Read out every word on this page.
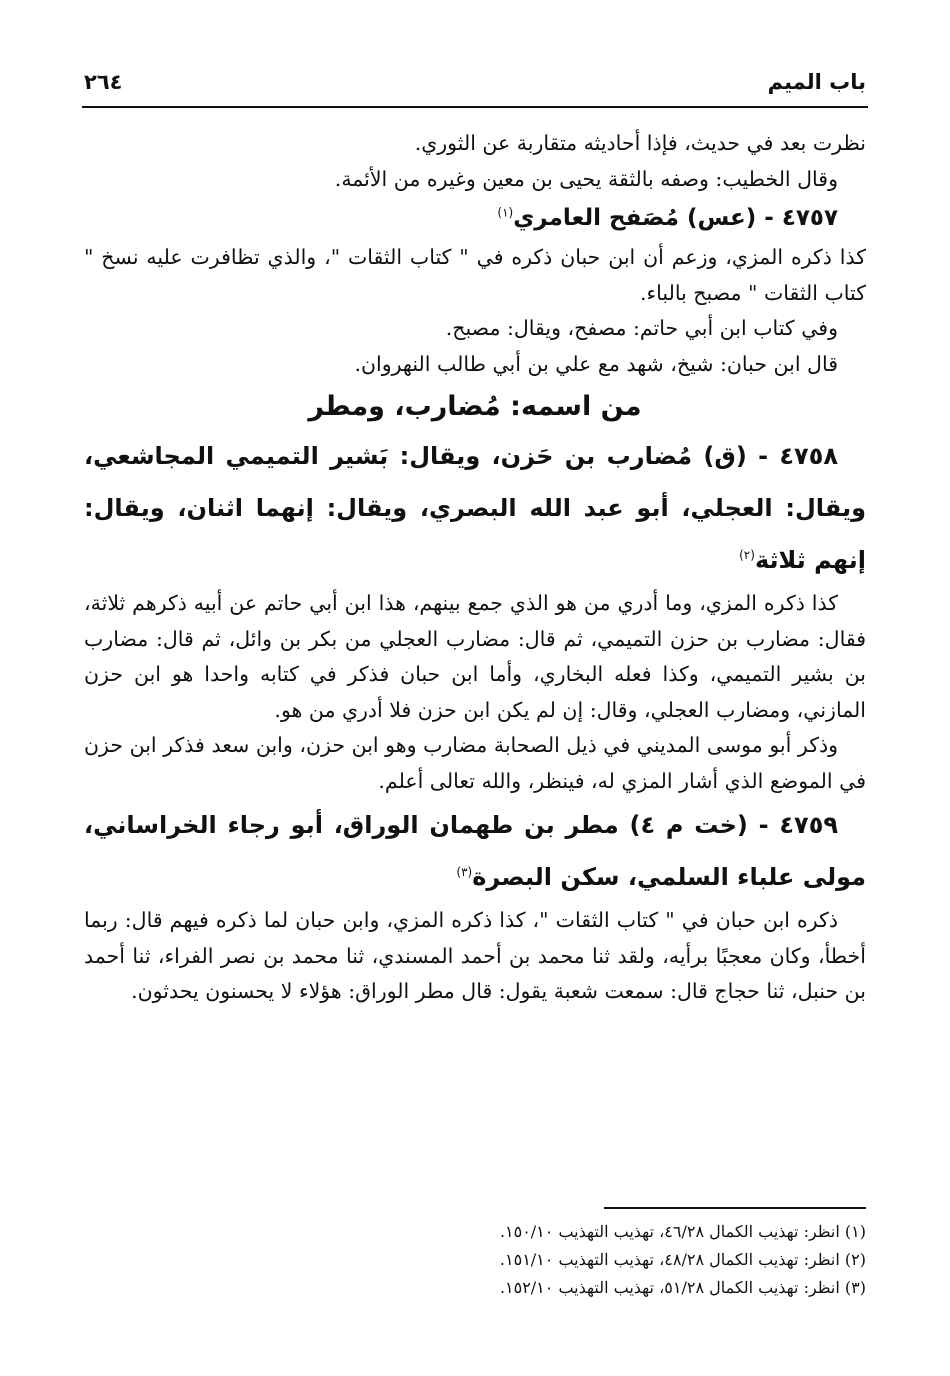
باب الميم
٢٦٤

نظرت بعد في حديث، فإذا أحاديثه متقاربة عن الثوري.

وقال الخطيب: وصفه بالثقة يحيى بن معين وغيره من الأئمة.

٤٧٥٧ - (عس) مُصَفح العامري$^{(١)}$

كذا ذكره المزي، وزعم أن ابن حبان ذكره في " كتاب الثقات "، والذي تظافرت عليه نسخ " كتاب الثقات " مصبح بالباء.

وفي كتاب ابن أبي حاتم: مصفح، ويقال: مصبح.

قال ابن حبان: شيخ، شهد مع علي بن أبي طالب النهروان.

من اسمه: مُضارب، ومطر

٤٧٥٨ - (ق) مُضارب بن حَزن، ويقال: بَشير التميمي المجاشعي، ويقال: العجلي، أبو عبد الله البصري، ويقال: إنهما اثنان، ويقال: إنهم ثلاثة$^{(٢)}$

كذا ذكره المزي، وما أدري من هو الذي جمع بينهم، هذا ابن أبي حاتم عن أبيه ذكرهم ثلاثة، فقال: مضارب بن حزن التميمي، ثم قال: مضارب العجلي من بكر بن وائل، ثم قال: مضارب بن بشير التميمي، وكذا فعله البخاري، وأما ابن حبان فذكر في كتابه واحدا هو ابن حزن المازني، ومضارب العجلي، وقال: إن لم يكن ابن حزن فلا أدري من هو.

وذكر أبو موسى المديني في ذيل الصحابة مضارب وهو ابن حزن، وابن سعد فذكر ابن حزن في الموضع الذي أشار المزي له، فينظر، والله تعالى أعلم.

٤٧٥٩ - (خت م ٤) مطر بن طهمان الوراق، أبو رجاء الخراساني، مولى علباء السلمي، سكن البصرة$^{(٣)}$

ذكره ابن حبان في " كتاب الثقات "، كذا ذكره المزي، وابن حبان لما ذكره فيهم قال: ربما أخطأ، وكان معجبًا برأيه، ولقد ثنا محمد بن أحمد المسندي، ثنا محمد بن نصر الفراء، ثنا أحمد بن حنبل، ثنا حجاج قال: سمعت شعبة يقول: قال مطر الوراق: هؤلاء لا يحسنون يحدثون.

(١) انظر: تهذيب الكمال ٤٦/٢٨، تهذيب التهذيب ١٥٠/١٠.

(٢) انظر: تهذيب الكمال ٤٨/٢٨، تهذيب التهذيب ١٥١/١٠.

(٣) انظر: تهذيب الكمال ٥١/٢٨، تهذيب التهذيب ١٥٢/١٠.
